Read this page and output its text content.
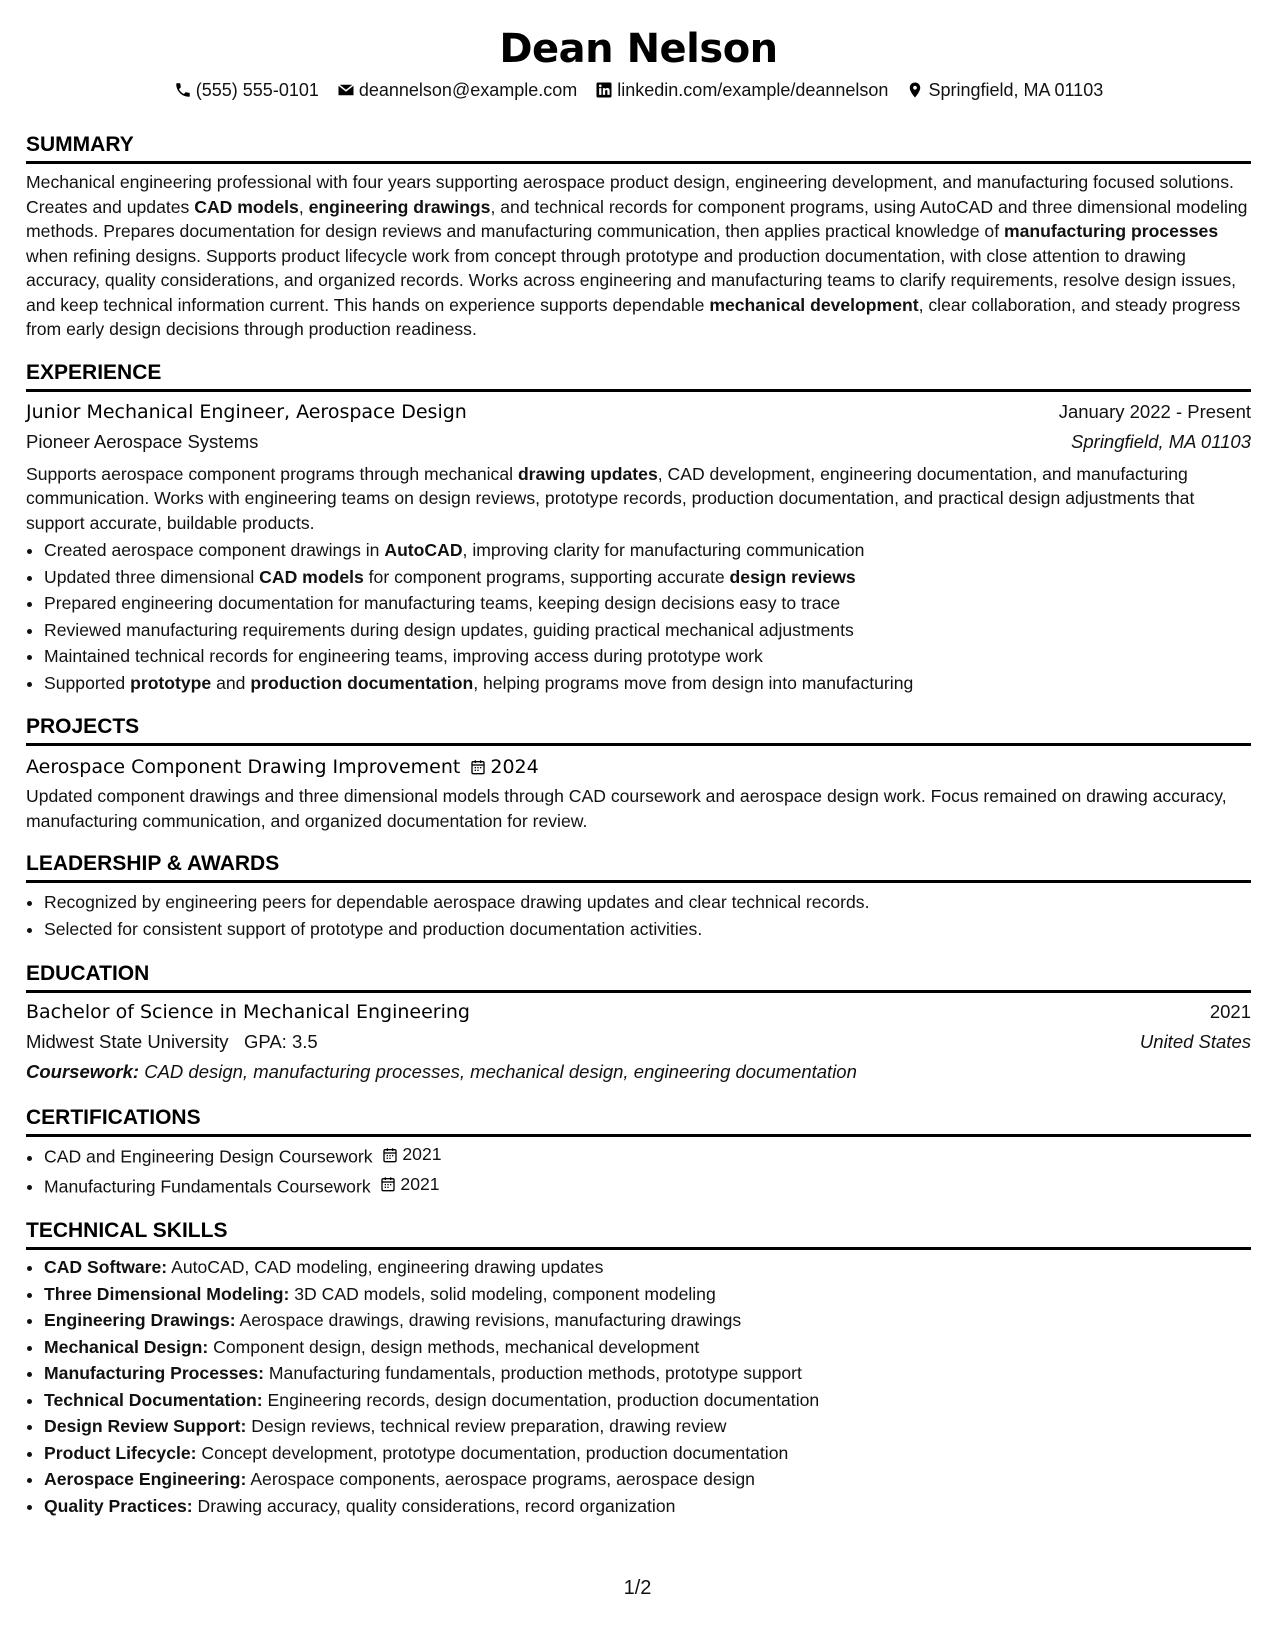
Dean Nelson
(555) 555-0101 deannelson@example.com linkedin.com/example/deannelson Springfield, MA 01103
SUMMARY
Mechanical engineering professional with four years supporting aerospace product design, engineering development, and manufacturing focused solutions. Creates and updates CAD models, engineering drawings, and technical records for component programs, using AutoCAD and three dimensional modeling methods. Prepares documentation for design reviews and manufacturing communication, then applies practical knowledge of manufacturing processes when refining designs. Supports product lifecycle work from concept through prototype and production documentation, with close attention to drawing accuracy, quality considerations, and organized records. Works across engineering and manufacturing teams to clarify requirements, resolve design issues, and keep technical information current. This hands on experience supports dependable mechanical development, clear collaboration, and steady progress from early design decisions through production readiness.
EXPERIENCE
Junior Mechanical Engineer, Aerospace Design	January 2022 - Present
Pioneer Aerospace Systems	Springfield, MA 01103
Supports aerospace component programs through mechanical drawing updates, CAD development, engineering documentation, and manufacturing communication. Works with engineering teams on design reviews, prototype records, production documentation, and practical design adjustments that support accurate, buildable products.
• Created aerospace component drawings in AutoCAD, improving clarity for manufacturing communication
• Updated three dimensional CAD models for component programs, supporting accurate design reviews
• Prepared engineering documentation for manufacturing teams, keeping design decisions easy to trace
• Reviewed manufacturing requirements during design updates, guiding practical mechanical adjustments
• Maintained technical records for engineering teams, improving access during prototype work
• Supported prototype and production documentation, helping programs move from design into manufacturing
PROJECTS
Aerospace Component Drawing Improvement 2024
Updated component drawings and three dimensional models through CAD coursework and aerospace design work. Focus remained on drawing accuracy, manufacturing communication, and organized documentation for review.
LEADERSHIP & AWARDS
• Recognized by engineering peers for dependable aerospace drawing updates and clear technical records.
• Selected for consistent support of prototype and production documentation activities.
EDUCATION
Bachelor of Science in Mechanical Engineering	2021
Midwest State University GPA: 3.5	United States
Coursework: CAD design, manufacturing processes, mechanical design, engineering documentation
CERTIFICATIONS
• CAD and Engineering Design Coursework 2021
• Manufacturing Fundamentals Coursework 2021
TECHNICAL SKILLS
• CAD Software: AutoCAD, CAD modeling, engineering drawing updates
• Three Dimensional Modeling: 3D CAD models, solid modeling, component modeling
• Engineering Drawings: Aerospace drawings, drawing revisions, manufacturing drawings
• Mechanical Design: Component design, design methods, mechanical development
• Manufacturing Processes: Manufacturing fundamentals, production methods, prototype support
• Technical Documentation: Engineering records, design documentation, production documentation
• Design Review Support: Design reviews, technical review preparation, drawing review
• Product Lifecycle: Concept development, prototype documentation, production documentation
• Aerospace Engineering: Aerospace components, aerospace programs, aerospace design
• Quality Practices: Drawing accuracy, quality considerations, record organization
1/2
